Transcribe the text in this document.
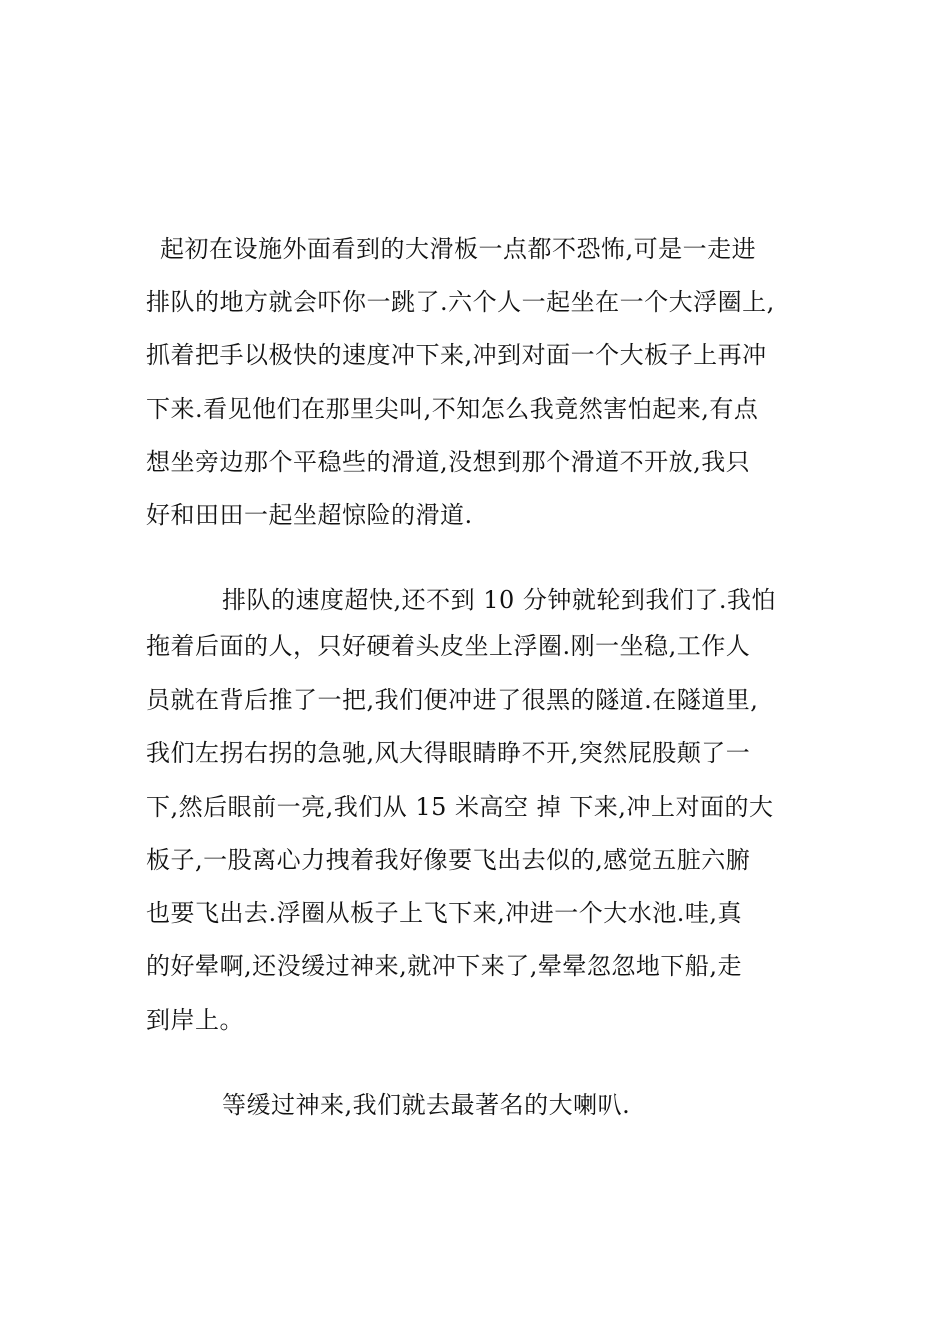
起初在设施外面看到的大滑板一点都不恐怖,可是一走进
排队的地方就会吓你一跳了.六个人一起坐在一个大浮圈上,
抓着把手以极快的速度冲下来,冲到对面一个大板子上再冲
下来.看见他们在那里尖叫,不知怎么我竟然害怕起来,有点
想坐旁边那个平稳些的滑道,没想到那个滑道不开放,我只
好和田田一起坐超惊险的滑道.
排队的速度超快,还不到 10 分钟就轮到我们了.我怕
拖着后面的人，只好硬着头皮坐上浮圈.刚一坐稳,工作人
员就在背后推了一把,我们便冲进了很黑的隧道.在隧道里,
我们左拐右拐的急驰,风大得眼睛睁不开,突然屁股颠了一
下,然后眼前一亮,我们从 15 米高空 掉 下来,冲上对面的大
板子,一股离心力拽着我好像要飞出去似的,感觉五脏六腑
也要飞出去.浮圈从板子上飞下来,冲进一个大水池.哇,真
的好晕啊,还没缓过神来,就冲下来了,晕晕忽忽地下船,走
到岸上。
等缓过神来,我们就去最著名的大喇叭.
